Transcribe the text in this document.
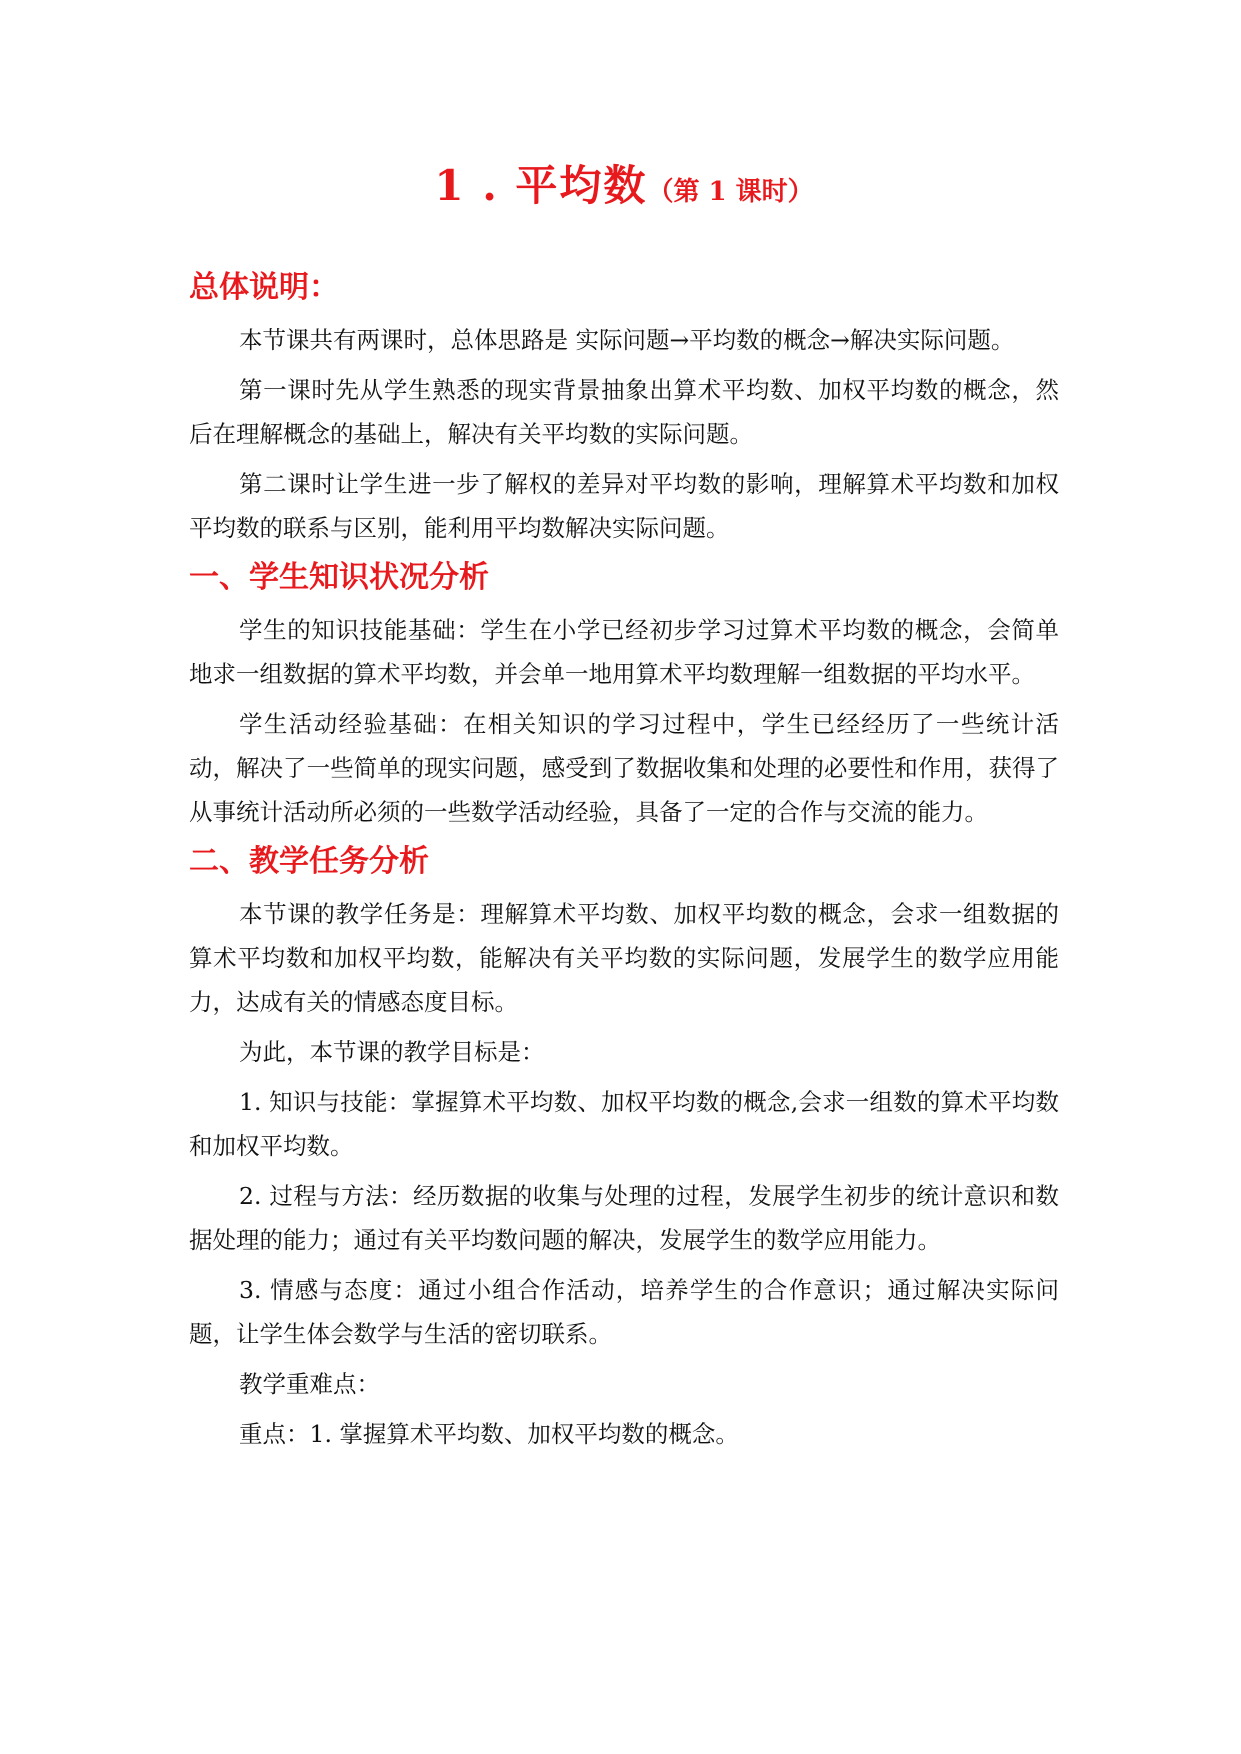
1 . 平均数（第 1 课时）
总体说明：

本节课共有两课时，总体思路是 实际问题→平均数的概念→解决实际问题。

第一课时先从学生熟悉的现实背景抽象出算术平均数、加权平均数的概念，然后在理解概念的基础上，解决有关平均数的实际问题。

第二课时让学生进一步了解权的差异对平均数的影响，理解算术平均数和加权平均数的联系与区别，能利用平均数解决实际问题。

一、学生知识状况分析

学生的知识技能基础：学生在小学已经初步学习过算术平均数的概念，会简单地求一组数据的算术平均数，并会单一地用算术平均数理解一组数据的平均水平。

学生活动经验基础：在相关知识的学习过程中，学生已经经历了一些统计活动，解决了一些简单的现实问题，感受到了数据收集和处理的必要性和作用，获得了从事统计活动所必须的一些数学活动经验，具备了一定的合作与交流的能力。

二、教学任务分析

本节课的教学任务是：理解算术平均数、加权平均数的概念，会求一组数据的算术平均数和加权平均数，能解决有关平均数的实际问题，发展学生的数学应用能力，达成有关的情感态度目标。

为此，本节课的教学目标是：

1. 知识与技能：掌握算术平均数、加权平均数的概念,会求一组数的算术平均数和加权平均数。

2. 过程与方法：经历数据的收集与处理的过程，发展学生初步的统计意识和数据处理的能力；通过有关平均数问题的解决，发展学生的数学应用能力。

3. 情感与态度：通过小组合作活动，培养学生的合作意识；通过解决实际问题，让学生体会数学与生活的密切联系。

教学重难点：

重点：1. 掌握算术平均数、加权平均数的概念。
